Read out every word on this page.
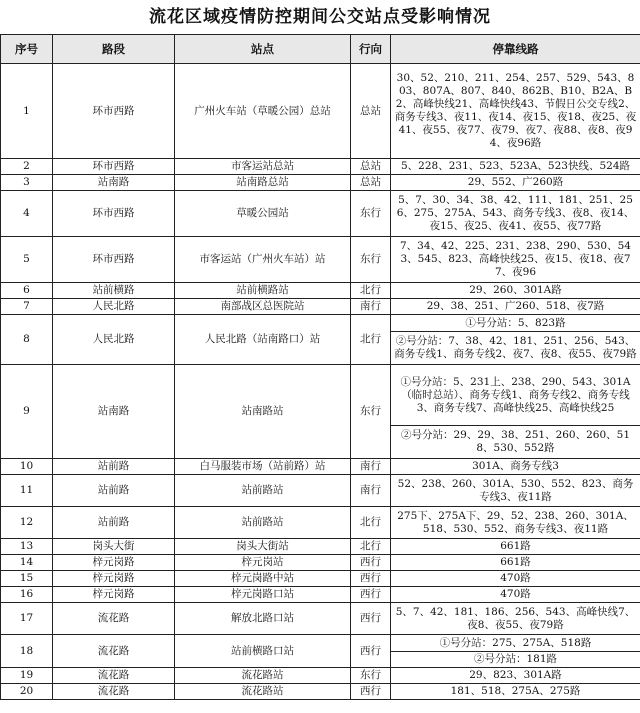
流花区域疫情防控期间公交站点受影响情况
序号	路段	站点	行向	停靠线路
1	环市西路	广州火车站（草暖公园）总站	总站	30、52、210、211、254、257、529、543、803、807A、807、840、862B、B10、B2A、B2、高峰快线21、高峰快线43、节假日公交专线2、商务专线3、夜11、夜14、夜15、夜18、夜25、夜41、夜55、夜77、夜79、夜7、夜88、夜8、夜94、夜96路
2	环市西路	市客运站总站	总站	5、228、231、523、523A、523快线、524路
3	站南路	站南路总站	总站	29、552、广260路
4	环市西路	草暖公园站	东行	5、7、30、34、38、42、111、181、251、256、275、275A、543、商务专线3、夜8、夜14、夜15、夜25、夜41、夜55、夜77路
5	环市西路	市客运站（广州火车站）站	东行	7、34、42、225、231、238、290、530、543、545、823、高峰快线25、夜15、夜18、夜77、夜96
6	站前横路	站前横路站	北行	29、260、301A路
7	人民北路	南部战区总医院站	南行	29、38、251、广260、518、夜7路
8	人民北路	人民北路（站南路口）站	北行	①号分站：5、823路
				②号分站：7、38、42、181、251、256、543、商务专线1、商务专线2、夜7、夜8、夜55、夜79路
9	站南路	站南路站	东行	①号分站：5、231上、238、290、543、301A（临时总站）、商务专线1、商务专线2、商务专线3、商务专线7、高峰快线25、高峰快线25
				②号分站：29、29、38、251、260、260、518、530、552路
10	站前路	白马服装市场（站前路）站	南行	301A、商务专线3
11	站前路	站前路站	南行	52、238、260、301A、530、552、823、商务专线3、夜11路
12	站前路	站前路站	北行	275下、275A下、29、52、238、260、301A、518、530、552、商务专线3、夜11路
13	岗头大街	岗头大街站	北行	661路
14	梓元岗路	梓元岗站	西行	661路
15	梓元岗路	梓元岗路中站	西行	470路
16	梓元岗路	梓元岗路口站	西行	470路
17	流花路	解放北路口站	西行	5、7、42、181、186、256、543、高峰快线7、夜8、夜55、夜79路
18	流花路	站前横路口站	西行	①号分站：275、275A、518路
				②号分站：181路
19	流花路	流花路站	东行	29、823、301A路
20	流花路	流花路站	西行	181、518、275A、275路
